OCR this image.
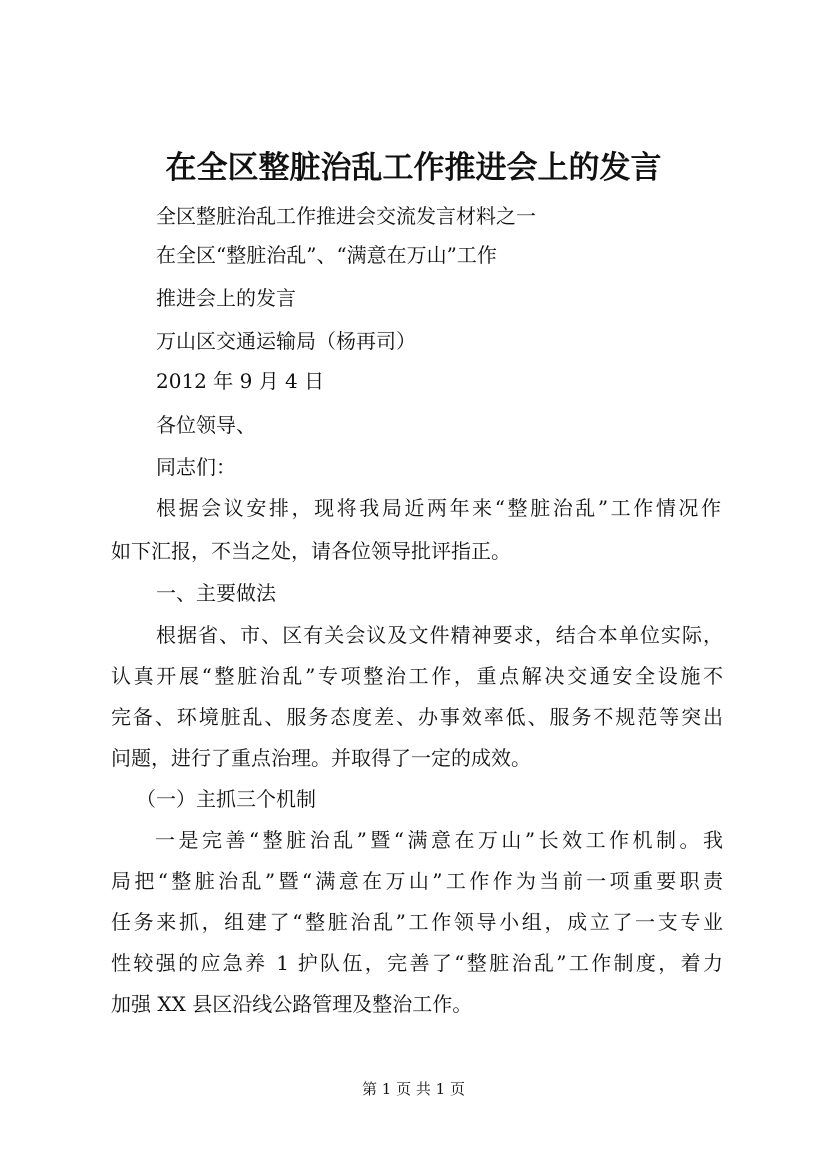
在全区整脏治乱工作推进会上的发言
全区整脏治乱工作推进会交流发言材料之一
在全区“整脏治乱”、“满意在万山”工作
推进会上的发言
万山区交通运输局（杨再司）
2012 年 9 月 4 日
各位领导、
同志们：
根据会议安排，现将我局近两年来“整脏治乱”工作情况作
如下汇报，不当之处，请各位领导批评指正。
一、主要做法
根据省、市、区有关会议及文件精神要求，结合本单位实际，
认真开展“整脏治乱”专项整治工作，重点解决交通安全设施不
完备、环境脏乱、服务态度差、办事效率低、服务不规范等突出
问题，进行了重点治理。并取得了一定的成效。
（一）主抓三个机制
一是完善“整脏治乱”暨“满意在万山”长效工作机制。我
局把“整脏治乱”暨“满意在万山”工作作为当前一项重要职责
任务来抓，组建了“整脏治乱”工作领导小组，成立了一支专业
性较强的应急养 1 护队伍，完善了“整脏治乱”工作制度，着力
加强 XX 县区沿线公路管理及整治工作。
第 1 页 共 1 页
